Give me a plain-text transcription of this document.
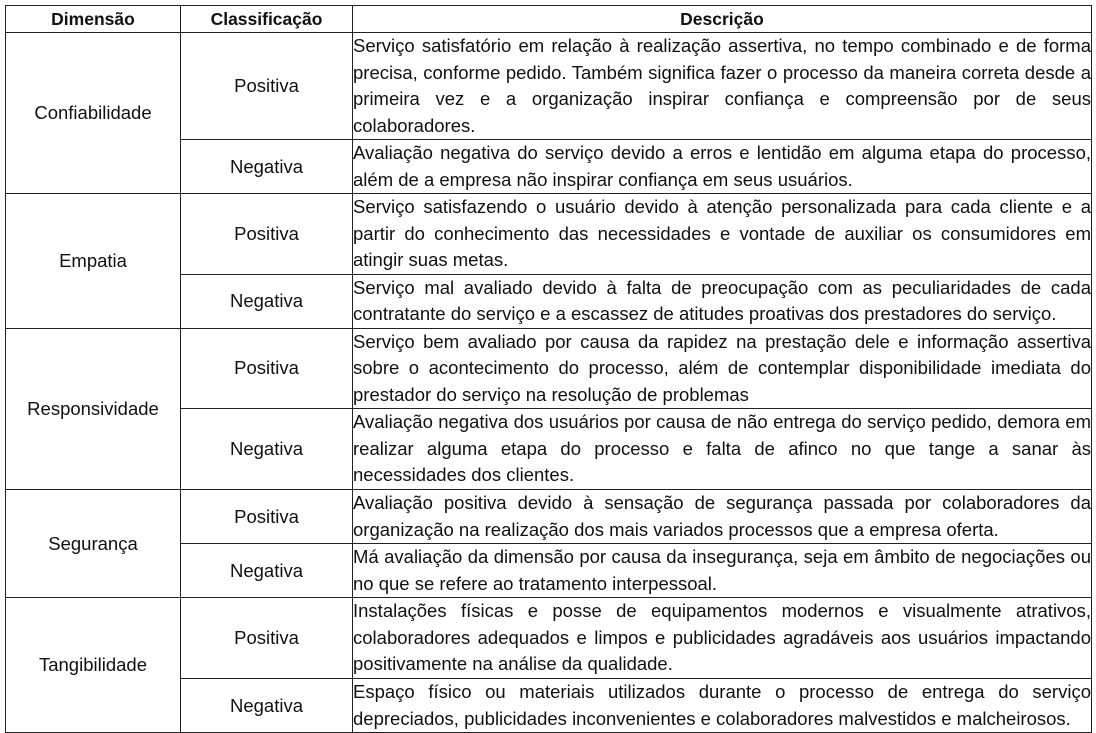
Dimensão	Classificação	Descrição
Confiabilidade	Positiva	Serviço satisfatório em relação à realização assertiva, no tempo combinado e de forma precisa, conforme pedido. Também significa fazer o processo da maneira correta desde a primeira vez e a organização inspirar confiança e compreensão por de seus colaboradores.
	Negativa	Avaliação negativa do serviço devido a erros e lentidão em alguma etapa do processo, além de a empresa não inspirar confiança em seus usuários.
Empatia	Positiva	Serviço satisfazendo o usuário devido à atenção personalizada para cada cliente e a partir do conhecimento das necessidades e vontade de auxiliar os consumidores em atingir suas metas.
	Negativa	Serviço mal avaliado devido à falta de preocupação com as peculiaridades de cada contratante do serviço e a escassez de atitudes proativas dos prestadores do serviço.
Responsividade	Positiva	Serviço bem avaliado por causa da rapidez na prestação dele e informação assertiva sobre o acontecimento do processo, além de contemplar disponibilidade imediata do prestador do serviço na resolução de problemas
	Negativa	Avaliação negativa dos usuários por causa de não entrega do serviço pedido, demora em realizar alguma etapa do processo e falta de afinco no que tange a sanar às necessidades dos clientes.
Segurança	Positiva	Avaliação positiva devido à sensação de segurança passada por colaboradores da organização na realização dos mais variados processos que a empresa oferta.
	Negativa	Má avaliação da dimensão por causa da insegurança, seja em âmbito de negociações ou no que se refere ao tratamento interpessoal.
Tangibilidade	Positiva	Instalações físicas e posse de equipamentos modernos e visualmente atrativos, colaboradores adequados e limpos e publicidades agradáveis aos usuários impactando positivamente na análise da qualidade.
	Negativa	Espaço físico ou materiais utilizados durante o processo de entrega do serviço depreciados, publicidades inconvenientes e colaboradores malvestidos e malcheirosos.
